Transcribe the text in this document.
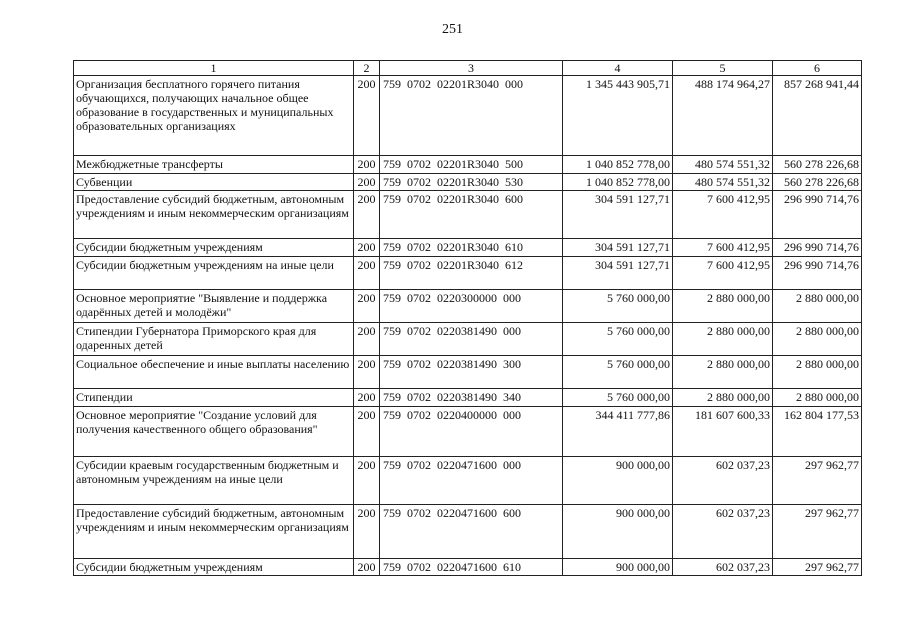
251
1	2	3	4	5	6
Организация бесплатного горячего питания обучающихся, получающих начальное общее образование в государственных и муниципальных образовательных организациях	200	759  0702  02201R3040  000	1 345 443 905,71	488 174 964,27	857 268 941,44
Межбюджетные трансферты	200	759  0702  02201R3040  500	1 040 852 778,00	480 574 551,32	560 278 226,68
Субвенции	200	759  0702  02201R3040  530	1 040 852 778,00	480 574 551,32	560 278 226,68
Предоставление субсидий бюджетным, автономным учреждениям и иным некоммерческим организациям	200	759  0702  02201R3040  600	304 591 127,71	7 600 412,95	296 990 714,76
Субсидии бюджетным учреждениям	200	759  0702  02201R3040  610	304 591 127,71	7 600 412,95	296 990 714,76
Субсидии бюджетным учреждениям на иные цели	200	759  0702  02201R3040  612	304 591 127,71	7 600 412,95	296 990 714,76
Основное мероприятие "Выявление и поддержка одарённых детей и молодёжи"	200	759  0702  0220300000  000	5 760 000,00	2 880 000,00	2 880 000,00
Стипендии Губернатора Приморского края для одаренных детей	200	759  0702  0220381490  000	5 760 000,00	2 880 000,00	2 880 000,00
Социальное обеспечение и иные выплаты населению	200	759  0702  0220381490  300	5 760 000,00	2 880 000,00	2 880 000,00
Стипендии	200	759  0702  0220381490  340	5 760 000,00	2 880 000,00	2 880 000,00
Основное мероприятие "Создание условий для получения качественного общего образования"	200	759  0702  0220400000  000	344 411 777,86	181 607 600,33	162 804 177,53
Субсидии краевым государственным бюджетным и автономным учреждениям на иные цели	200	759  0702  0220471600  000	900 000,00	602 037,23	297 962,77
Предоставление субсидий бюджетным, автономным учреждениям и иным некоммерческим организациям	200	759  0702  0220471600  600	900 000,00	602 037,23	297 962,77
Субсидии бюджетным учреждениям	200	759  0702  0220471600  610	900 000,00	602 037,23	297 962,77
